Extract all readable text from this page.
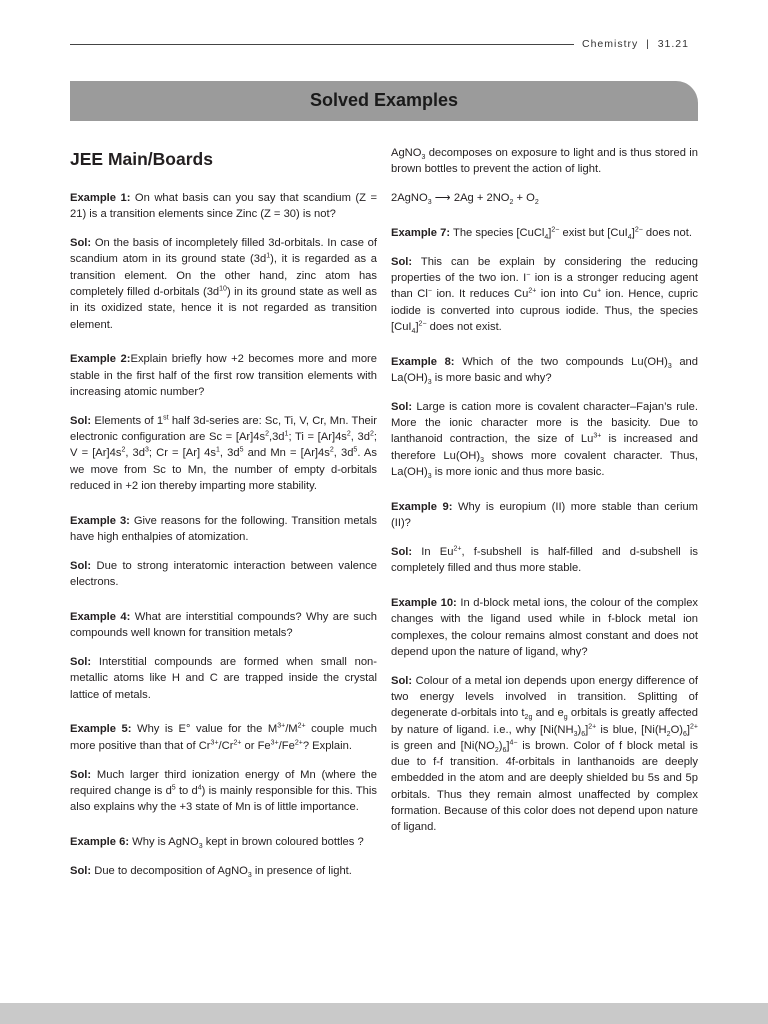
Chemistry | 31.21
Solved Examples
JEE Main/Boards

Example 1: On what basis can you say that scandium (Z = 21) is a transition elements since Zinc (Z = 30) is not?

Sol: On the basis of incompletely filled 3d-orbitals. In case of scandium atom in its ground state $(3d^1)$, it is regarded as a transition element. On the other hand, zinc atom has completely filled d-orbitals $(3d^{10})$ in its ground state as well as in its oxidized state, hence it is not regarded as transition element.

Example 2:Explain briefly how +2 becomes more and more stable in the first half of the first row transition elements with increasing atomic number?

Sol: Elements of 1st half 3d-series are: Sc, Ti, V, Cr, Mn. Their electronic configuration are $Sc = [Ar]4s^2,3d^1$; $Ti = [Ar]4s^2$, $3d^2$; $V = [Ar]4s^2$, $3d^3$; Cr = [Ar] $4s^1$, $3d^5$ and $Mn = [Ar]4s^2$, $3d^5$. As we move from Sc to Mn, the number of empty d-orbitals reduced in +2 ion thereby imparting more stability.

Example 3: Give reasons for the following. Transition metals have high enthalpies of atomization.

Sol: Due to strong interatomic interaction between valence electrons.

Example 4: What are interstitial compounds? Why are such compounds well known for transition metals?

Sol: Interstitial compounds are formed when small non-metallic atoms like H and C are trapped inside the crystal lattice of metals.

Example 5: Why is E° value for the $M^{3+}/M^{2+}$ couple much more positive than that of $Cr^{3+}/Cr^{2+}$ or $Fe^{3+}/Fe^{2+}$? Explain.

Sol: Much larger third ionization energy of Mn (where the required change is $d^5$ to $d^4$) is mainly responsible for this. This also explains why the +3 state of Mn is of little importance.

Example 6: Why is AgNO$_3$ kept in brown coloured bottles ?

Sol: Due to decomposition of AgNO$_3$ in presence of light.

AgNO$_3$ decomposes on exposure to light and is thus stored in brown bottles to prevent the action of light.

2AgNO$_3$ ⟶ $2Ag + 2NO_2 + O_2$

Example 7: The species [CuCl$_4$]$^{2-}$ exist but $[CuI_4]^{2-}$ does not.

Sol: This can be explain by considering the reducing properties of the two ion. I− ion is a stronger reducing agent than Cl− ion. It reduces $Cu^{2+}$ ion into Cu+ ion. Hence, cupric iodide is converted into cuprous iodide. Thus, the species $[CuI_4]^{2-}$ does not exist.

Example 8: Which of the two compounds $Lu(OH)_3$ and $La(OH)_3$ is more basic and why?

Sol: Large is cation more is covalent character–Fajan’s rule. More the ionic character more is the basicity. Due to lanthanoid contraction, the size of $Lu^{3+}$ is increased and therefore $Lu(OH)_3$ shows more covalent character. Thus, $La(OH)_3$ is more ionic and thus more basic.

Example 9: Why is europium (II) more stable than cerium (II)?

Sol: In $Eu^{2+}$, f-subshell is half-filled and d-subshell is completely filled and thus more stable.

Example 10: In d-block metal ions, the colour of the complex changes with the ligand used while in f-block metal ion complexes, the colour remains almost constant and does not depend upon the nature of ligand, why?

Sol: Colour of a metal ion depends upon energy difference of two energy levels involved in transition. Splitting of degenerate d-orbitals into $t_{2g}$ and $e_g$ orbitals is greatly affected by nature of ligand. i.e., why $[Ni(NH_3)_6]^{2+}$ is blue, $[Ni(H_2O)_6]^{2+}$ is green and $[Ni(NO_2)_6]^{4-}$ is brown. Color of f block metal is due to f-f transition. 4f-orbitals in lanthanoids are deeply embedded in the atom and are deeply shielded bu 5s and 5p orbitals. Thus they remain almost unaffected by complex formation. Because of this color does not depend upon nature of ligand.
